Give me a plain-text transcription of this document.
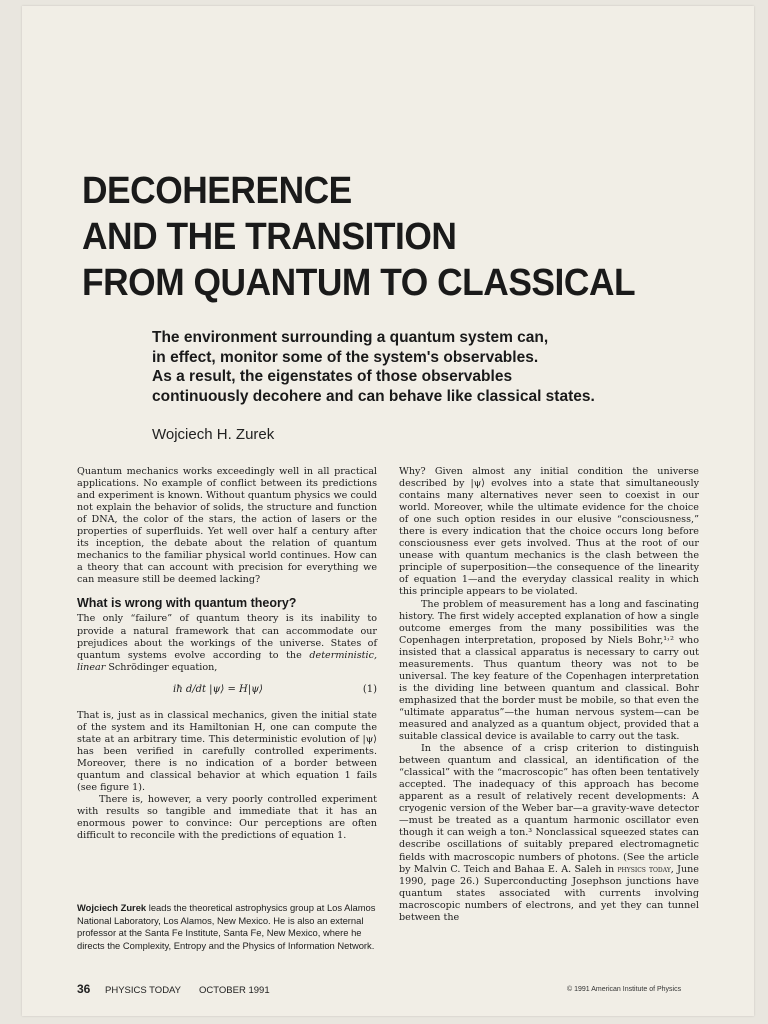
DECOHERENCE
AND THE TRANSITION
FROM QUANTUM TO CLASSICAL
The environment surrounding a quantum system can,
in effect, monitor some of the system's observables.
As a result, the eigenstates of those observables
continuously decohere and can behave like classical states.
Wojciech H. Zurek

Quantum mechanics works exceedingly well in all practical applications. No example of conflict between its predictions and experiment is known. Without quantum physics we could not explain the behavior of solids, the structure and function of DNA, the color of the stars, the action of lasers or the properties of superfluids. Yet well over half a century after its inception, the debate about the relation of quantum mechanics to the familiar physical world continues. How can a theory that can account with precision for everything we can measure still be deemed lacking?

What is wrong with quantum theory?

The only “failure” of quantum theory is its inability to provide a natural framework that can accommodate our prejudices about the workings of the universe. States of quantum systems evolve according to the deterministic, linear Schrödinger equation,

iħ d/dt |ψ⟩ = H|ψ⟩	(1)

That is, just as in classical mechanics, given the initial state of the system and its Hamiltonian H, one can compute the state at an arbitrary time. This deterministic evolution of |ψ⟩ has been verified in carefully controlled experiments. Moreover, there is no indication of a border between quantum and classical behavior at which equation 1 fails (see figure 1).

There is, however, a very poorly controlled experiment with results so tangible and immediate that it has an enormous power to convince: Our perceptions are often difficult to reconcile with the predictions of equation 1.

Wojciech Zurek leads the theoretical astrophysics group at Los Alamos National Laboratory, Los Alamos, New Mexico. He is also an external professor at the Santa Fe Institute, Santa Fe, New Mexico, where he directs the Complexity, Entropy and the Physics of Information Network.

Why? Given almost any initial condition the universe described by |ψ⟩ evolves into a state that simultaneously contains many alternatives never seen to coexist in our world. Moreover, while the ultimate evidence for the choice of one such option resides in our elusive “consciousness,” there is every indication that the choice occurs long before consciousness ever gets involved. Thus at the root of our unease with quantum mechanics is the clash between the principle of superposition—the consequence of the linearity of equation 1—and the everyday classical reality in which this principle appears to be violated.

The problem of measurement has a long and fascinating history. The first widely accepted explanation of how a single outcome emerges from the many possibilities was the Copenhagen interpretation, proposed by Niels Bohr,¹˒² who insisted that a classical apparatus is necessary to carry out measurements. Thus quantum theory was not to be universal. The key feature of the Copenhagen interpretation is the dividing line between quantum and classical. Bohr emphasized that the border must be mobile, so that even the “ultimate apparatus”—the human nervous system—can be measured and analyzed as a quantum object, provided that a suitable classical device is available to carry out the task.

In the absence of a crisp criterion to distinguish between quantum and classical, an identification of the “classical” with the “macroscopic” has often been tentatively accepted. The inadequacy of this approach has become apparent as a result of relatively recent developments: A cryogenic version of the Weber bar—a gravity-wave detector—must be treated as a quantum harmonic oscillator even though it can weigh a ton.³ Nonclassical squeezed states can describe oscillations of suitably prepared electromagnetic fields with macroscopic numbers of photons. (See the article by Malvin C. Teich and Bahaa E. A. Saleh in physics today, June 1990, page 26.) Superconducting Josephson junctions have quantum states associated with currents involving macroscopic numbers of electrons, and yet they can tunnel between the

36 PHYSICS TODAY OCTOBER 1991	© 1991 American Institute of Physics
